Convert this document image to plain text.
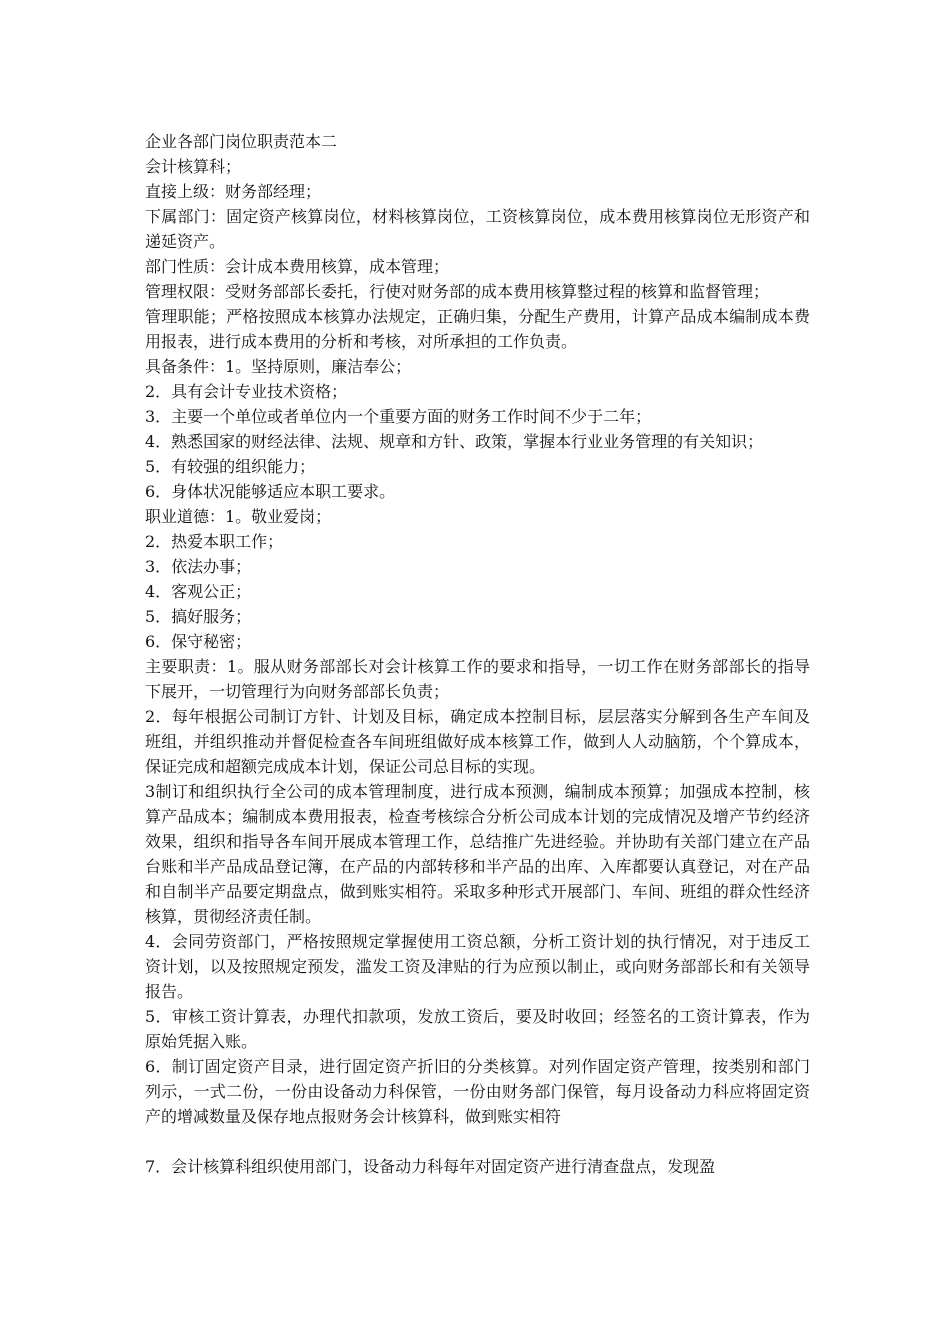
企业各部门岗位职责范本二

会计核算科；

直接上级：财务部经理；

下属部门：固定资产核算岗位，材料核算岗位，工资核算岗位，成本费用核算岗位无形资产和递延资产。

部门性质：会计成本费用核算，成本管理；

管理权限：受财务部部长委托，行使对财务部的成本费用核算整过程的核算和监督管理；

管理职能；严格按照成本核算办法规定，正确归集，分配生产费用，计算产品成本编制成本费用报表，进行成本费用的分析和考核，对所承担的工作负责。

具备条件：1。坚持原则，廉洁奉公；

2．具有会计专业技术资格；

3．主要一个单位或者单位内一个重要方面的财务工作时间不少于二年；

4．熟悉国家的财经法律、法规、规章和方针、政策，掌握本行业业务管理的有关知识；

5．有较强的组织能力；

6．身体状况能够适应本职工要求。

职业道德：1。敬业爱岗；

2．热爱本职工作；

3．依法办事；

4．客观公正；

5．搞好服务；

6．保守秘密；

主要职责：1。服从财务部部长对会计核算工作的要求和指导，一切工作在财务部部长的指导下展开，一切管理行为向财务部部长负责；

2．每年根据公司制订方针、计划及目标，确定成本控制目标，层层落实分解到各生产车间及班组，并组织推动并督促检查各车间班组做好成本核算工作，做到人人动脑筋，个个算成本，保证完成和超额完成成本计划，保证公司总目标的实现。

3制订和组织执行全公司的成本管理制度，进行成本预测，编制成本预算；加强成本控制，核算产品成本；编制成本费用报表，检查考核综合分析公司成本计划的完成情况及增产节约经济效果，组织和指导各车间开展成本管理工作，总结推广先进经验。并协助有关部门建立在产品台账和半产品成品登记簿，在产品的内部转移和半产品的出库、入库都要认真登记，对在产品和自制半产品要定期盘点，做到账实相符。采取多种形式开展部门、车间、班组的群众性经济核算，贯彻经济责任制。

4．会同劳资部门，严格按照规定掌握使用工资总额，分析工资计划的执行情况，对于违反工资计划，以及按照规定预发，滥发工资及津贴的行为应预以制止，或向财务部部长和有关领导报告。

5．审核工资计算表，办理代扣款项，发放工资后，要及时收回；经签名的工资计算表，作为原始凭据入账。

6．制订固定资产目录，进行固定资产折旧的分类核算。对列作固定资产管理，按类别和部门列示，一式二份，一份由设备动力科保管，一份由财务部门保管，每月设备动力科应将固定资产的增减数量及保存地点报财务会计核算科，做到账实相符

7．会计核算科组织使用部门，设备动力科每年对固定资产进行清查盘点，发现盈
